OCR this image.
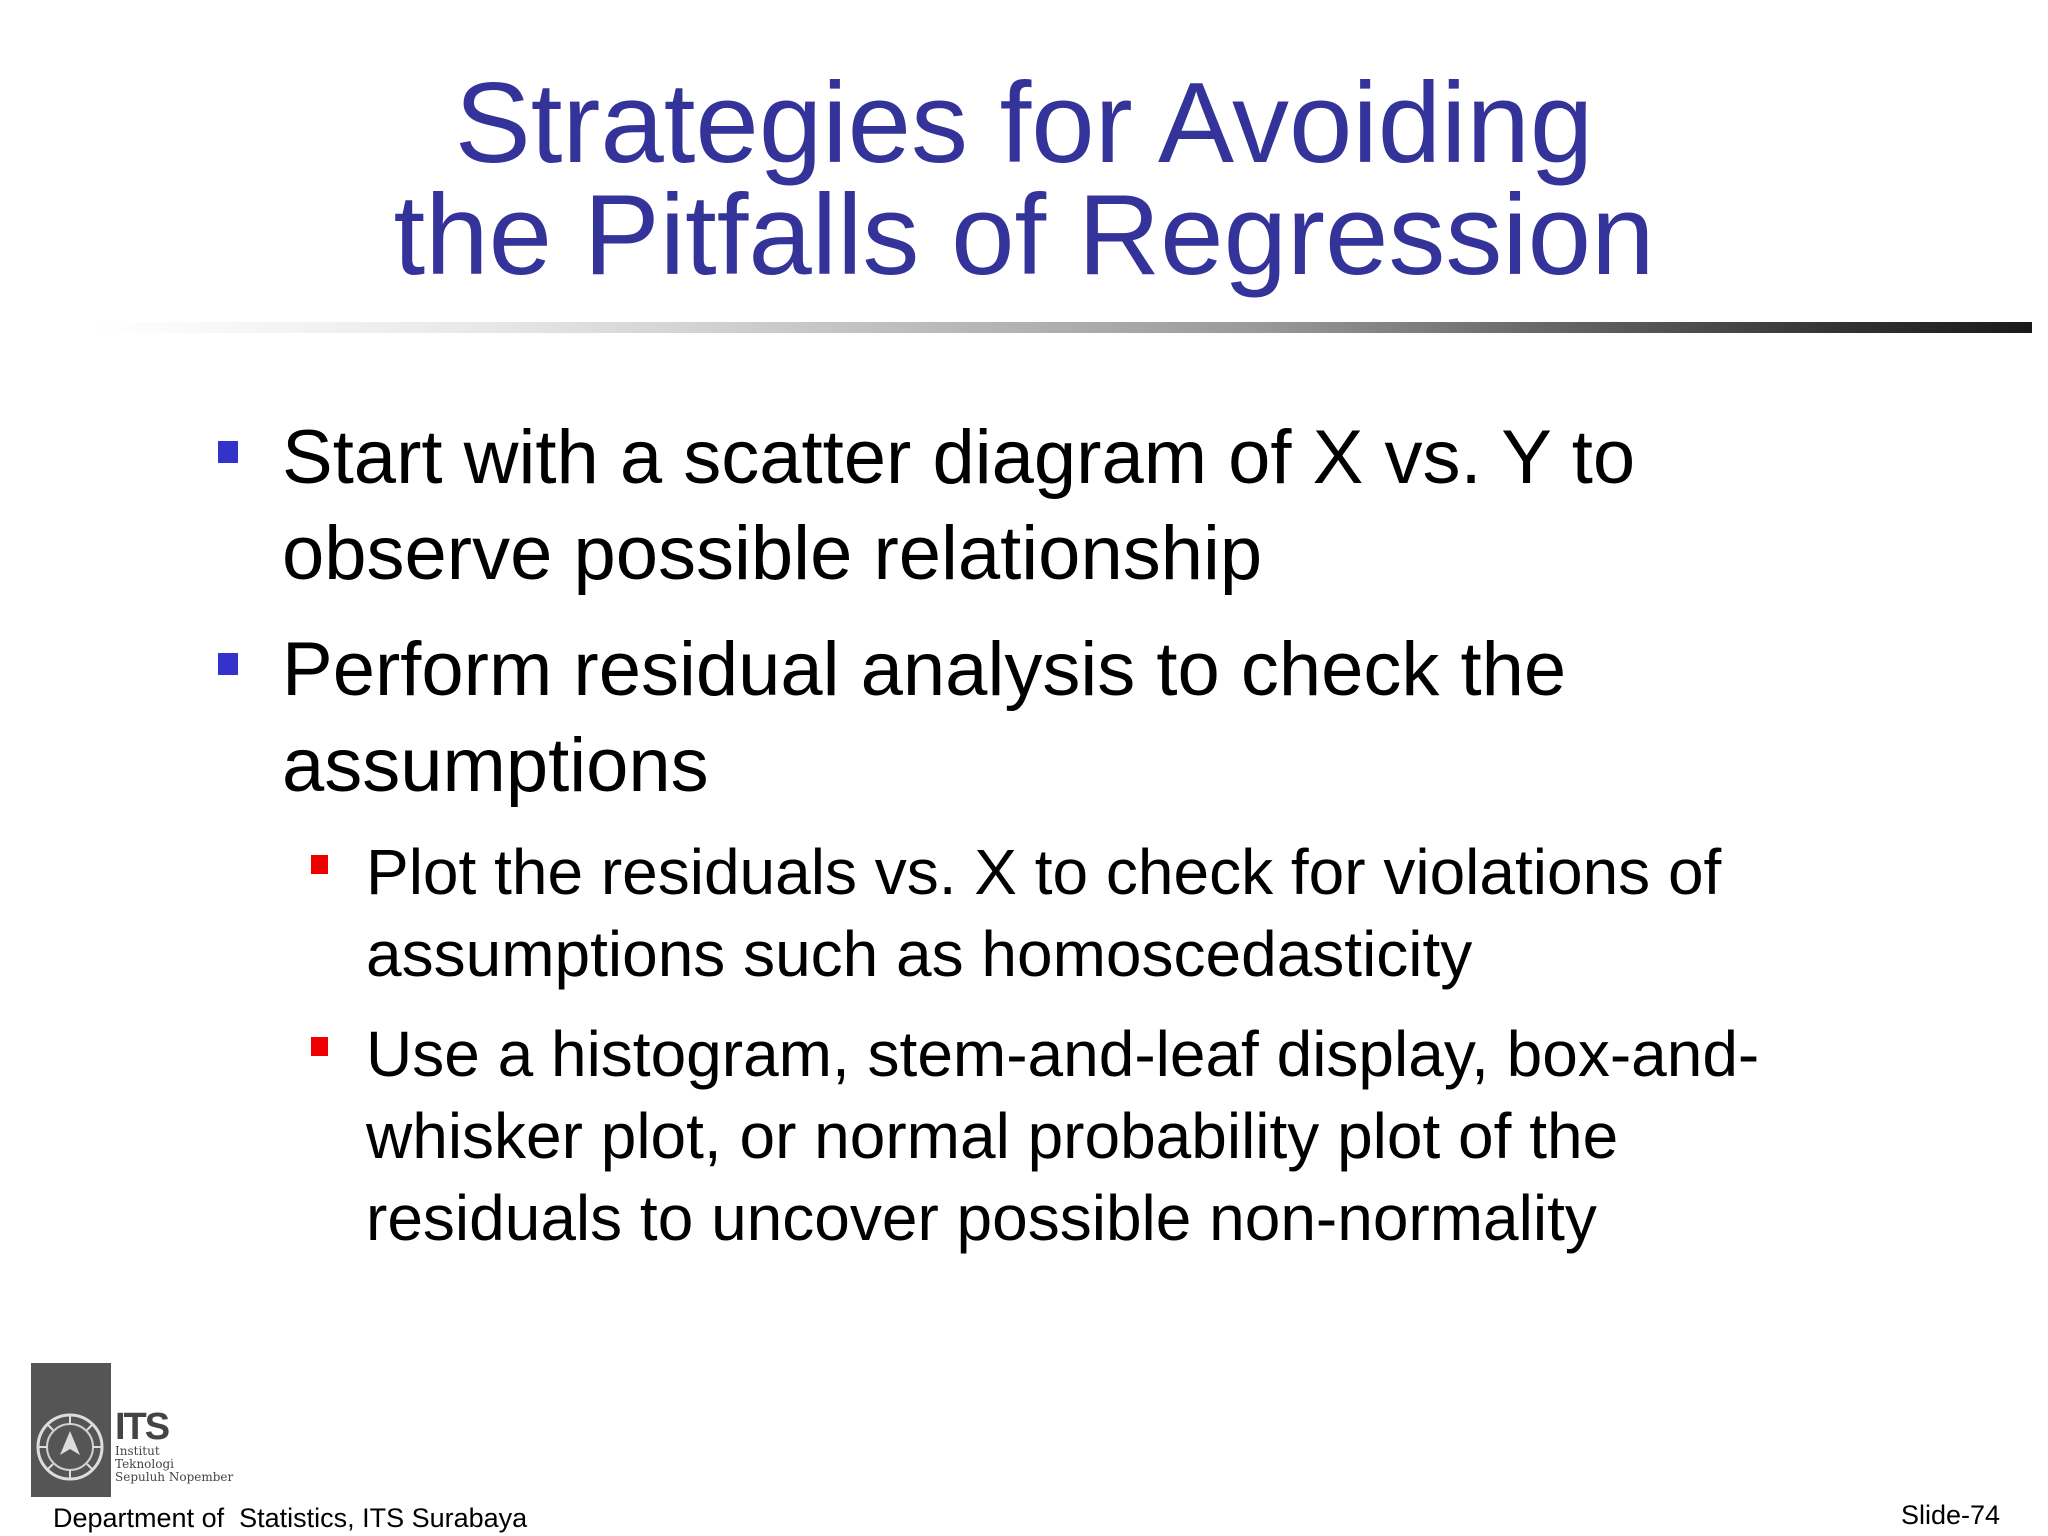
Strategies for Avoiding
the Pitfalls of Regression
Start with a scatter diagram of X vs. Y to
observe possible relationship
Perform residual analysis to check the
assumptions
Plot the residuals vs. X to check for violations of
assumptions such as homoscedasticity
Use a histogram, stem-and-leaf display, box-and-
whisker plot, or normal probability plot of the
residuals to uncover possible non-normality
ITS
Institut
Teknologi
Sepuluh Nopember
Department of  Statistics, ITS Surabaya	Slide-74
